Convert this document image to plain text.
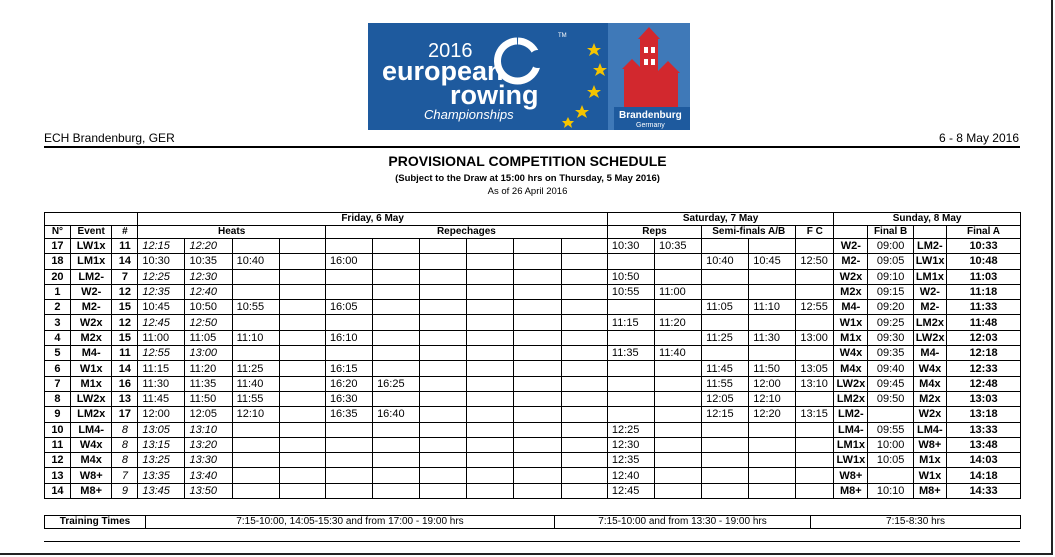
TM
2016
european
rowing
Championships	Brandenburg
Germany
ECH Brandenburg, GER	6 - 8 May 2016
PROVISIONAL COMPETITION SCHEDULE
(Subject to the Draw at 15:00 hrs on Thursday, 5 May 2016)
As of 26 April 2016
			Friday, 6 May										Saturday, 7 May					Sunday, 8 May			
N°	Event	#	Heats				Repechages						Reps		Semi-finals A/B		F C		Final B		Final A
17	LW1x	11	12:15	12:20									10:30	10:35				W2-	09:00	LM2-	10:33
18	LM1x	14	10:30	10:35	10:40		16:00								10:40	10:45	12:50	M2-	09:05	LW1x	10:48
20	LM2-	7	12:25	12:30									10:50					W2x	09:10	LM1x	11:03
1	W2-	12	12:35	12:40									10:55	11:00				M2x	09:15	W2-	11:18
2	M2-	15	10:45	10:50	10:55		16:05								11:05	11:10	12:55	M4-	09:20	M2-	11:33
3	W2x	12	12:45	12:50									11:15	11:20				W1x	09:25	LM2x	11:48
4	M2x	15	11:00	11:05	11:10		16:10								11:25	11:30	13:00	M1x	09:30	LW2x	12:03
5	M4-	11	12:55	13:00									11:35	11:40				W4x	09:35	M4-	12:18
6	W1x	14	11:15	11:20	11:25		16:15								11:45	11:50	13:05	M4x	09:40	W4x	12:33
7	M1x	16	11:30	11:35	11:40		16:20	16:25							11:55	12:00	13:10	LW2x	09:45	M4x	12:48
8	LW2x	13	11:45	11:50	11:55		16:30								12:05	12:10		LM2x	09:50	M2x	13:03
9	LM2x	17	12:00	12:05	12:10		16:35	16:40							12:15	12:20	13:15	LM2-		W2x	13:18
10	LM4-	8	13:05	13:10									12:25					LM4-	09:55	LM4-	13:33
11	W4x	8	13:15	13:20									12:30					LM1x	10:00	W8+	13:48
12	M4x	8	13:25	13:30									12:35					LW1x	10:05	M1x	14:03
13	W8+	7	13:35	13:40									12:40					W8+		W1x	14:18
14	M8+	9	13:45	13:50									12:45					M8+	10:10	M8+	14:33
Training Times	7:15-10:00, 14:05-15:30 and from 17:00 - 19:00 hrs	7:15-10:00 and from 13:30 - 19:00 hrs	7:15-8:30 hrs
